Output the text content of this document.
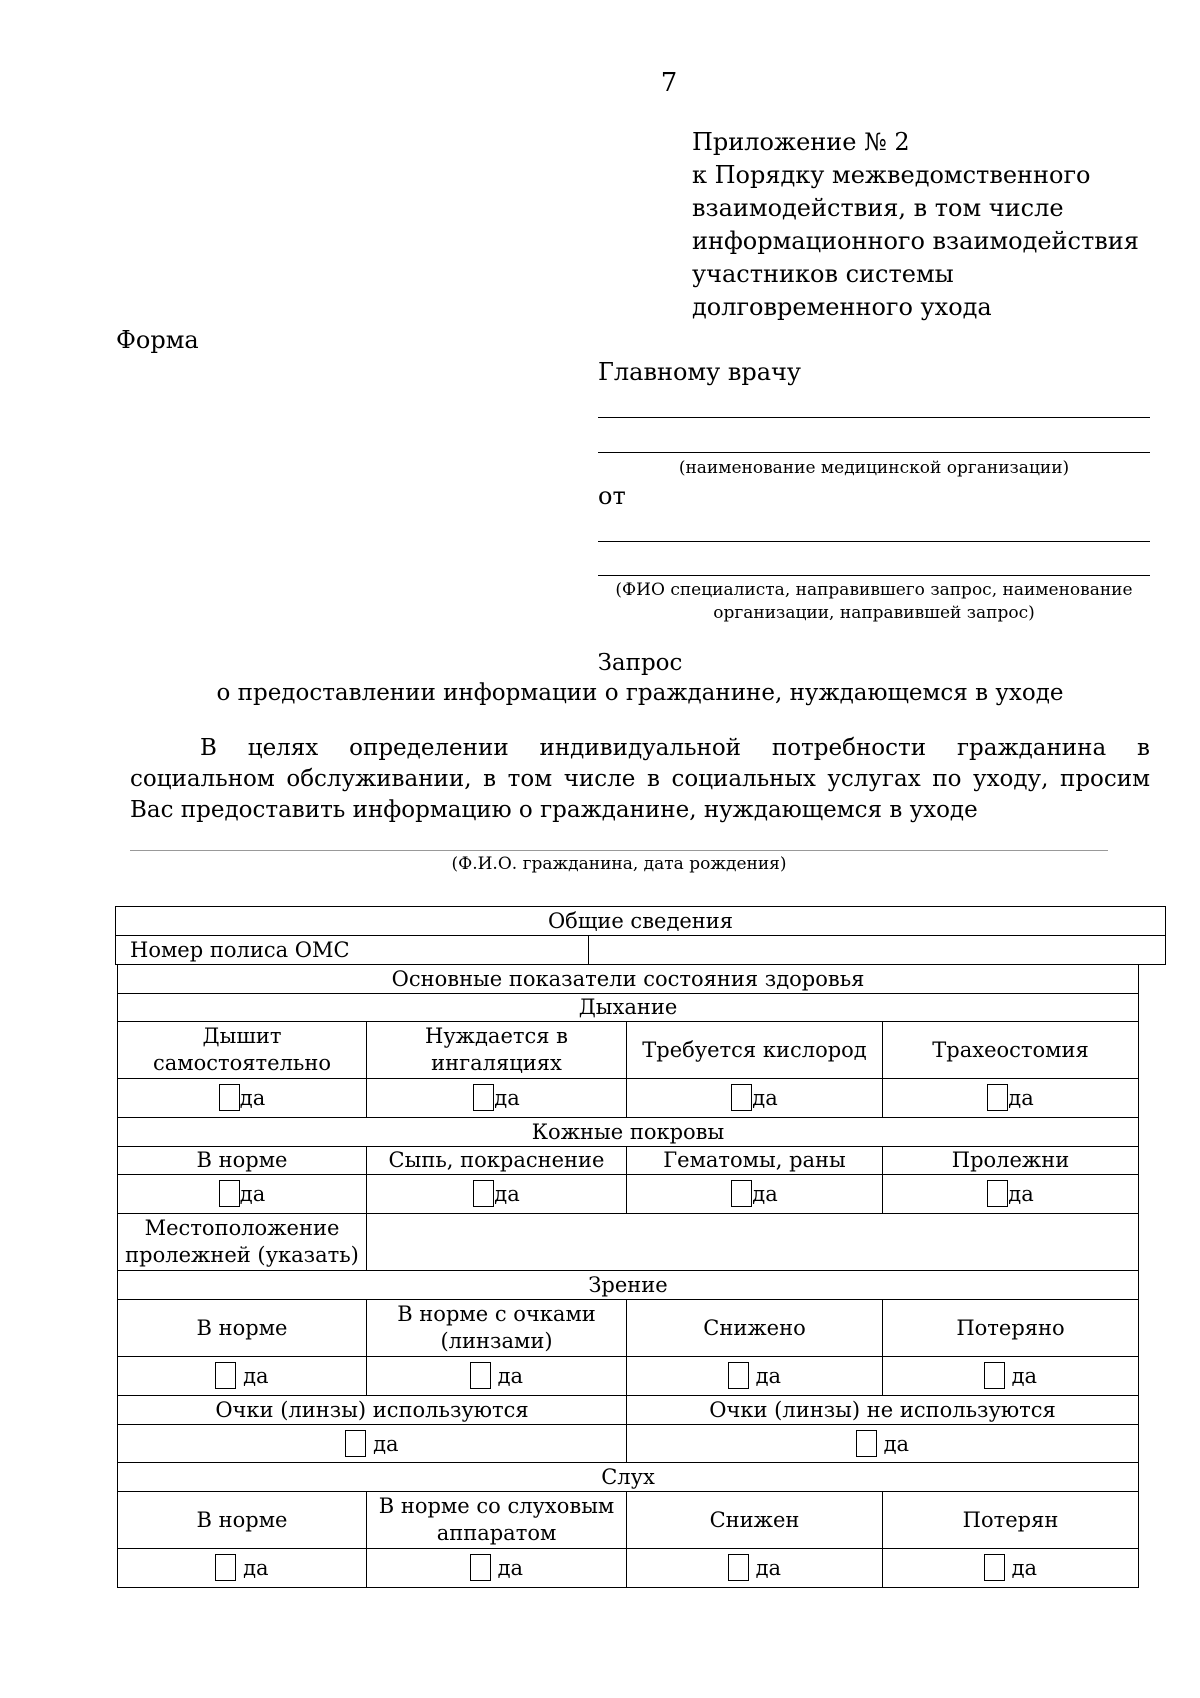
7
Приложение № 2
к Порядку межведомственного
взаимодействия, в том числе
информационного взаимодействия
участников системы
долговременного ухода
Форма
Главному врачу
(наименование медицинской организации)
от
(ФИО специалиста, направившего запрос, наименование
организации, направившей запрос)
Запрос
о предоставлении информации о гражданине, нуждающемся в уходе
В целях определении индивидуальной потребности гражданина в социальном обслуживании, в том числе в социальных услугах по уходу, просим Вас предоставить информацию о гражданине, нуждающемся в уходе
(Ф.И.О. гражданина, дата рождения)
Общие сведения
Номер полиса ОМС	
Основные показатели состояния здоровья			
Дыхание			
Дышит самостоятельно	Нуждается в ингаляциях	Требуется кислород	Трахеостомия
да	да	да	да
Кожные покровы			
В норме	Сыпь, покраснение	Гематомы, раны	Пролежни
да	да	да	да
Местоположение пролежней (указать)			
Зрение			
В норме	В норме с очками (линзами)	Снижено	Потеряно
да	да	да	да
Очки (линзы) используются		Очки (линзы) не используются	
да		да	
Слух			
В норме	В норме со слуховым аппаратом	Снижен	Потерян
да	да	да	да
